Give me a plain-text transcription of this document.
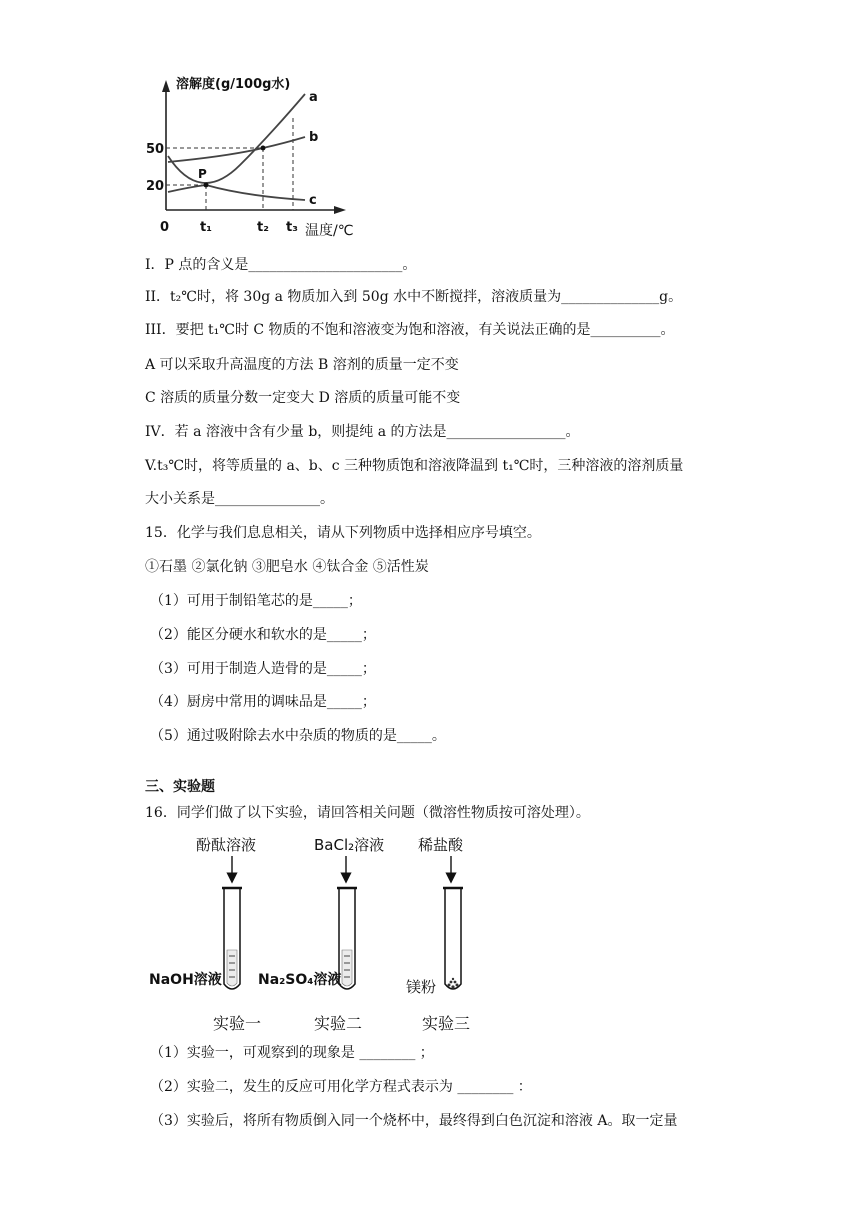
溶解度(g/100g水)
温度/℃
50
20
0 t₁	t₂ t₃
a
b
c
P
I．P 点的含义是______________________。
II．t₂℃时，将 30g a 物质加入到 50g 水中不断搅拌，溶液质量为______________g。
III．要把 t₁℃时 C 物质的不饱和溶液变为饱和溶液，有关说法正确的是__________。
A 可以采取升高温度的方法 B 溶剂的质量一定不变
C 溶质的质量分数一定变大 D 溶质的质量可能不变
IV．若 a 溶液中含有少量 b，则提纯 a 的方法是_________________。
V.t₃℃时，将等质量的 a、b、c 三种物质饱和溶液降温到 t₁℃时，三种溶液的溶剂质量
大小关系是_______________。
15．化学与我们息息相关，请从下列物质中选择相应序号填空。
①石墨 ②氯化钠 ③肥皂水 ④钛合金 ⑤活性炭
（1）可用于制铅笔芯的是_____；
（2）能区分硬水和软水的是_____；
（3）可用于制造人造骨的是_____；
（4）厨房中常用的调味品是_____；
（5）通过吸附除去水中杂质的物质的是_____。
三、实验题
16．同学们做了以下实验，请回答相关问题（微溶性物质按可溶处理）。
酚酞溶液
NaOH溶液
实验一
BaCl₂溶液
Na₂SO₄溶液
实验二
稀盐酸
镁粉
实验三
（1）实验一，可观察到的现象是 ________ ；
（2）实验二，发生的反应可用化学方程式表示为 ________ ：
（3）实验后，将所有物质倒入同一个烧杯中，最终得到白色沉淀和溶液 A。取一定量
